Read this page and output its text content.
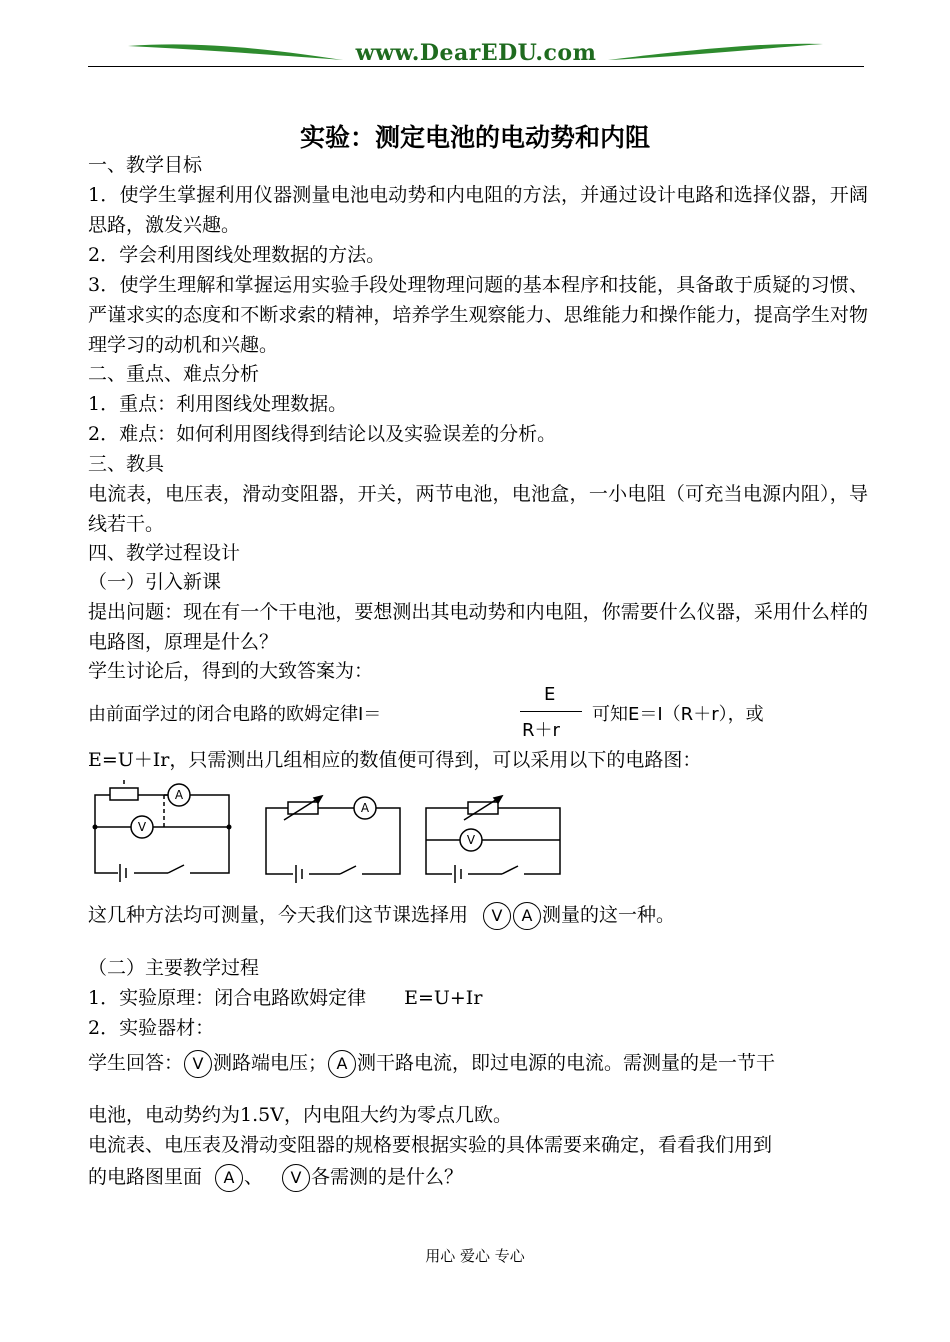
www.DearEDU.com
实验：测定电池的电动势和内阻
一、教学目标
1．使学生掌握利用仪器测量电池电动势和内电阻的方法，并通过设计电路和选择仪器，开阔思路，激发兴趣。
2．学会利用图线处理数据的方法。
3．使学生理解和掌握运用实验手段处理物理问题的基本程序和技能，具备敢于质疑的习惯、严谨求实的态度和不断求索的精神，培养学生观察能力、思维能力和操作能力，提高学生对物理学习的动机和兴趣。
二、重点、难点分析
1．重点：利用图线处理数据。
2．难点：如何利用图线得到结论以及实验误差的分析。
三、教具
电流表，电压表，滑动变阻器，开关，两节电池，电池盒，一小电阻（可充当电源内阻），导线若干。
四、教学过程设计
（一）引入新课
提出问题：现在有一个干电池，要想测出其电动势和内电阻，你需要什么仪器，采用什么样的电路图，原理是什么？
学生讨论后，得到的大致答案为：
由前面学过的闭合电路的欧姆定律I＝
E
R＋r
可知E＝I（R＋r），或
E=U＋Ir，只需测出几组相应的数值便可得到，可以采用以下的电路图：
A
V
A
V
这几种方法均可测量，今天我们这节课选择用 V A 测量的这一种。
（二）主要教学过程
1．实验原理：闭合电路欧姆定律　　E=U+Ir
2．实验器材：
学生回答： V 测路端电压； A 测干路电流，即过电源的电流。需测量的是一节干
电池，电动势约为1.5V，内电阻大约为零点几欧。
电流表、电压表及滑动变阻器的规格要根据实验的具体需要来确定，看看我们用到
的电路图里面 A 、 V 各需测的是什么？
用心 爱心 专心
